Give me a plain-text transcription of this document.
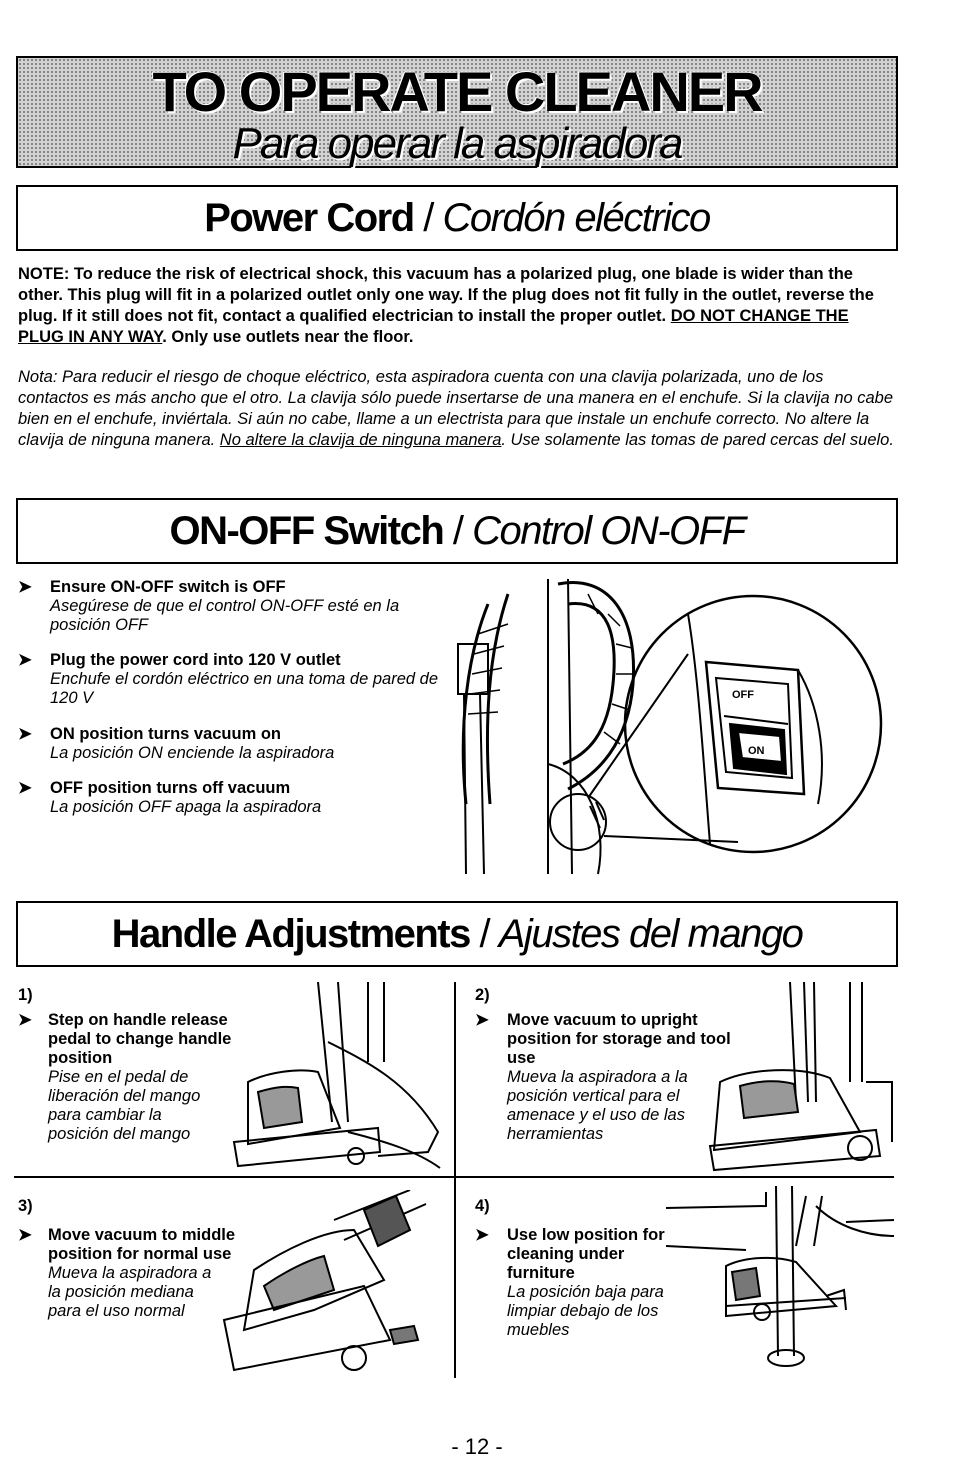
TO OPERATE CLEANER
Para operar la aspiradora
Power Cord / Cordón eléctrico
NOTE: To reduce the risk of electrical shock, this vacuum has a polarized plug, one blade is wider than the other. This plug will fit in a polarized outlet only one way. If the plug does not fit fully in the outlet, reverse the plug. If it still does not fit, contact a qualified electrician to install the proper outlet. DO NOT CHANGE THE PLUG IN ANY WAY. Only use outlets near the floor.
Nota: Para reducir el riesgo de choque eléctrico, esta aspiradora cuenta con una clavija polarizada, uno de los contactos es más ancho que el otro. La clavija sólo puede insertarse de una manera en el enchufe. Si la clavija no cabe bien en el enchufe, inviértala. Si aún no cabe, llame a un electrista para que instale un enchufe correcto. No altere la clavija de ninguna manera. No altere la clavija de ninguna manera. Use solamente las tomas de pared cercas del suelo.
ON-OFF Switch / Control ON-OFF
➤ Ensure ON-OFF switch is OFF
Asegúrese de que el control ON-OFF esté en la posición OFF
➤ Plug the power cord into 120 V outlet
Enchufe el cordón eléctrico en una toma de pared de 120 V
➤ ON position turns vacuum on
La posición ON enciende la aspiradora
➤ OFF position turns off vacuum
La posición OFF apaga la aspiradora
OFF
ON
Handle Adjustments / Ajustes del mango
1)
➤ Step on handle release pedal to change handle position
Pise en el pedal de liberación del mango para cambiar la posición del mango
2)
➤ Move vacuum to upright position for storage and tool use
Mueva la aspiradora a la posición vertical para el amenace y el uso de las herramientas
3)
➤ Move vacuum to middle position for normal use
Mueva la aspiradora a la posición mediana para el uso normal
4)
➤ Use low position for cleaning under furniture
La posición baja para limpiar debajo de los muebles
- 12 -
